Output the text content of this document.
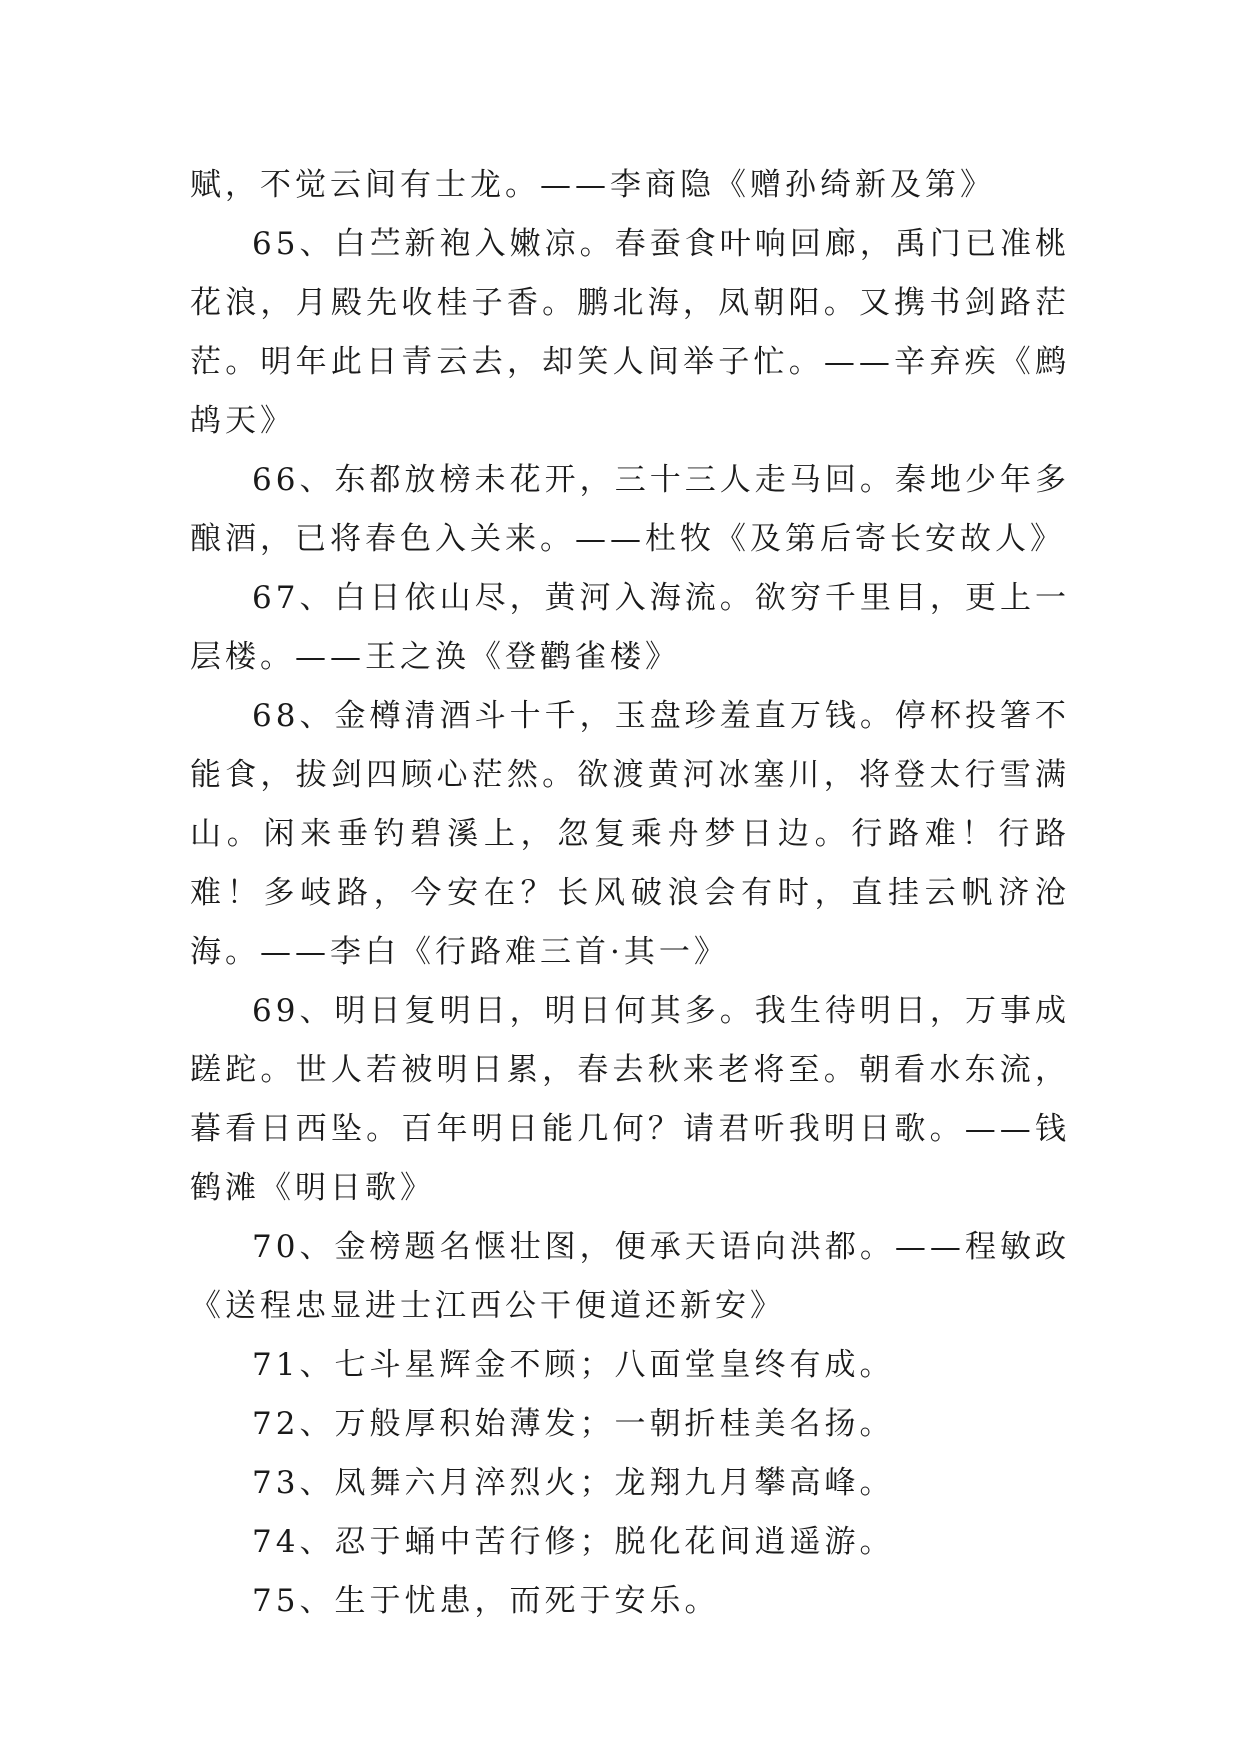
赋，不觉云间有士龙。——李商隐《赠孙绮新及第》

65、白苎新袍入嫩凉。春蚕食叶响回廊，禹门已准桃花浪，月殿先收桂子香。鹏北海，凤朝阳。又携书剑路茫茫。明年此日青云去，却笑人间举子忙。——辛弃疾《鹧鸪天》

66、东都放榜未花开，三十三人走马回。秦地少年多酿酒，已将春色入关来。——杜牧《及第后寄长安故人》

67、白日依山尽，黄河入海流。欲穷千里目，更上一层楼。——王之涣《登鹳雀楼》

68、金樽清酒斗十千，玉盘珍羞直万钱。停杯投箸不能食，拔剑四顾心茫然。欲渡黄河冰塞川，将登太行雪满山。闲来垂钓碧溪上，忽复乘舟梦日边。行路难！行路难！多岐路，今安在？长风破浪会有时，直挂云帆济沧海。——李白《行路难三首·其一》

69、明日复明日，明日何其多。我生待明日，万事成蹉跎。世人若被明日累，春去秋来老将至。朝看水东流，暮看日西坠。百年明日能几何？请君听我明日歌。——钱鹤滩《明日歌》

70、金榜题名惬壮图，便承天语向洪都。——程敏政《送程忠显进士江西公干便道还新安》

71、七斗星辉金不顾；八面堂皇终有成。

72、万般厚积始薄发；一朝折桂美名扬。

73、凤舞六月淬烈火；龙翔九月攀高峰。

74、忍于蛹中苦行修；脱化花间逍遥游。

75、生于忧患，而死于安乐。
